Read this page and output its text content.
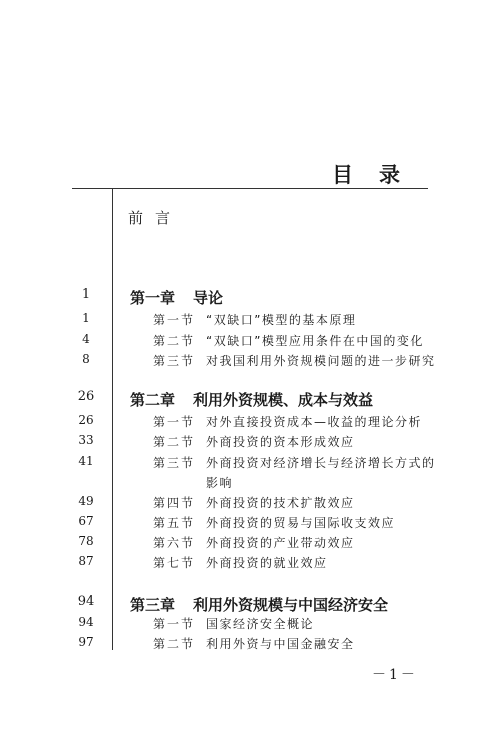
目录
前言
1	第一章 导论
1	第一节 “双缺口”模型的基本原理
4	第二节 “双缺口”模型应用条件在中国的变化
8	第三节 对我国利用外资规模问题的进一步研究
26	第二章 利用外资规模、成本与效益
26	第一节 对外直接投资成本—收益的理论分析
33	第二节 外商投资的资本形成效应
41	第三节 外商投资对经济增长与经济增长方式的
影响
49	第四节 外商投资的技术扩散效应
67	第五节 外商投资的贸易与国际收支效应
78	第六节 外商投资的产业带动效应
87	第七节 外商投资的就业效应
94	第三章 利用外资规模与中国经济安全
94	第一节 国家经济安全概论
97	第二节 利用外资与中国金融安全
－1－
